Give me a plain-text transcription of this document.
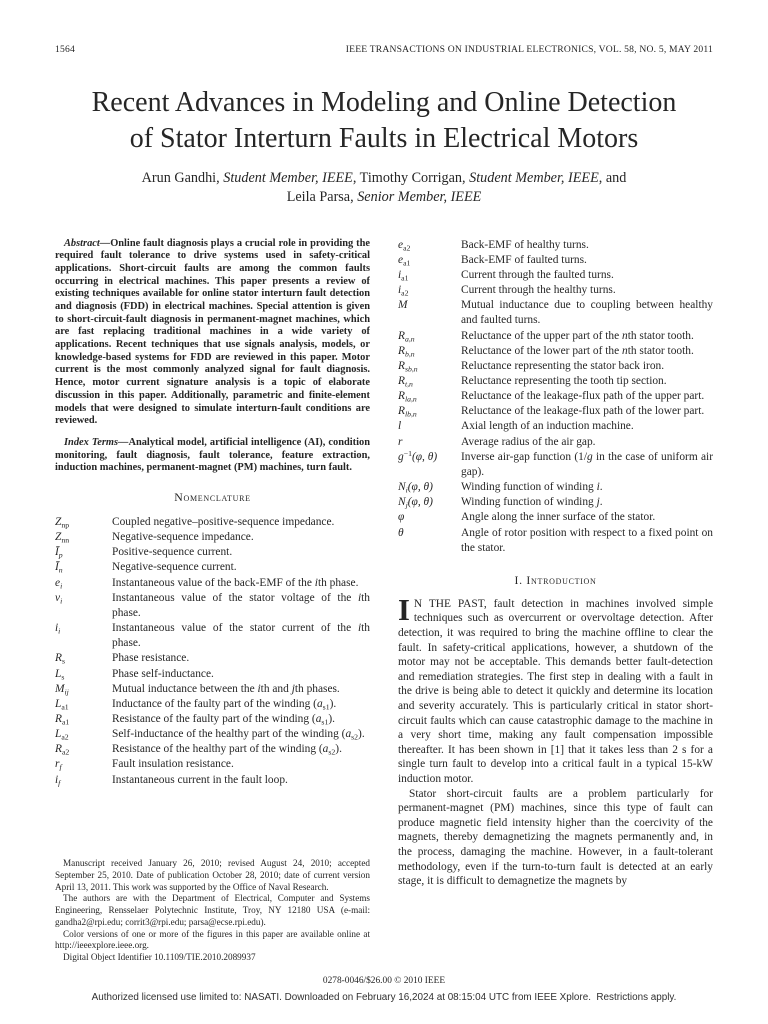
1564	IEEE TRANSACTIONS ON INDUSTRIAL ELECTRONICS, VOL. 58, NO. 5, MAY 2011
Recent Advances in Modeling and Online Detection
of Stator Interturn Faults in Electrical Motors
Arun Gandhi, Student Member, IEEE, Timothy Corrigan, Student Member, IEEE, and
Leila Parsa, Senior Member, IEEE

Abstract—Online fault diagnosis plays a crucial role in providing the required fault tolerance to drive systems used in safety-critical applications. Short-circuit faults are among the common faults occurring in electrical machines. This paper presents a review of existing techniques available for online stator interturn fault detection and diagnosis (FDD) in electrical machines. Special attention is given to short-circuit-fault diagnosis in permanent-magnet machines, which are fast replacing traditional machines in a wide variety of applications. Recent techniques that use signals analysis, models, or knowledge-based systems for FDD are reviewed in this paper. Motor current is the most commonly analyzed signal for fault diagnosis. Hence, motor current signature analysis is a topic of elaborate discussion in this paper. Additionally, parametric and finite-element models that were designed to simulate interturn-fault conditions are reviewed.

Index Terms—Analytical model, artificial intelligence (AI), condition monitoring, fault diagnosis, fault tolerance, feature extraction, induction machines, permanent-magnet (PM) machines, turn fault.

Nomenclature
$Z_{np}$	Coupled negative–positive-sequence impedance.
$Z_{nn}$	Negative-sequence impedance.
$Ī_p$	Positive-sequence current.
$Ī_n$	Negative-sequence current.
$e_i$	Instantaneous value of the back-EMF of the ith phase.
$v_i$	Instantaneous value of the stator voltage of the ith phase.
$i_i$	Instantaneous value of the stator current of the ith phase.
$R_s$	Phase resistance.
$L_s$	Phase self-inductance.
$M_{ij}$	Mutual inductance between the ith and jth phases.
$L_{a1}$	Inductance of the faulty part of the winding $(a_{s1})$.
$R_{a1}$	Resistance of the faulty part of the winding $(a_{s1})$.
$L_{a2}$	Self-inductance of the healthy part of the winding $(a_{s2})$.
$R_{a2}$	Resistance of the healthy part of the winding $(a_{s2})$.
$r_f$	Fault insulation resistance.
$i_f$	Instantaneous current in the fault loop.

Manuscript received January 26, 2010; revised August 24, 2010; accepted September 25, 2010. Date of publication October 28, 2010; date of current version April 13, 2011. This work was supported by the Office of Naval Research.

The authors are with the Department of Electrical, Computer and Systems Engineering, Rensselaer Polytechnic Institute, Troy, NY 12180 USA (e-mail: gandha2@rpi.edu; corrit3@rpi.edu; parsa@ecse.rpi.edu).

Color versions of one or more of the figures in this paper are available online at http://ieeexplore.ieee.org.

Digital Object Identifier 10.1109/TIE.2010.2089937

$e_{a2}$	Back-EMF of healthy turns.
$e_{a1}$	Back-EMF of faulted turns.
$i_{a1}$	Current through the faulted turns.
$i_{a2}$	Current through the healthy turns.
M	Mutual inductance due to coupling between healthy and faulted turns.
$R_{a,n}$	Reluctance of the upper part of the nth stator tooth.
$R_{b,n}$	Reluctance of the lower part of the nth stator tooth.
$R_{sb,n}$	Reluctance representing the stator back iron.
$R_{t,n}$	Reluctance representing the tooth tip section.
$R_{la,n}$	Reluctance of the leakage-flux path of the upper part.
$R_{lb,n}$	Reluctance of the leakage-flux path of the lower part.
l	Axial length of an induction machine.
r	Average radius of the air gap.
$g^{-1}(\varphi$, θ)	Inverse air-gap function (1/g in the case of uniform air gap).
$N_i(\varphi$, θ)	Winding function of winding i.
$N_j(\varphi$, θ)	Winding function of winding j.
φ	Angle along the inner surface of the stator.
θ	Angle of rotor position with respect to a fixed point on the stator.
I. Introduction

I N THE PAST, fault detection in machines involved simple techniques such as overcurrent or overvoltage detection. After detection, it was required to bring the machine offline to clear the fault. In safety-critical applications, however, a shutdown of the motor may not be acceptable. This demands better fault-detection and remediation strategies. The first step in dealing with a fault in the drive is being able to detect it quickly and determine its location and severity accurately. This is particularly critical in stator short-circuit faults which can cause catastrophic damage to the machine in a very short time, making any fault compensation impossible thereafter. It has been shown in [1] that it takes less than 2 s for a single turn fault to develop into a critical fault in a typical 15-kW induction motor.

Stator short-circuit faults are a problem particularly for permanent-magnet (PM) machines, since this type of fault can produce magnetic field intensity higher than the coercivity of the magnets, thereby demagnetizing the magnets permanently and, in the process, damaging the machine. However, in a fault-tolerant methodology, even if the turn-to-turn fault is detected at an early stage, it is difficult to demagnetize the magnets by

0278-0046/$26.00 © 2010 IEEE
Authorized licensed use limited to: NASATI. Downloaded on February 16,2024 at 08:15:04 UTC from IEEE Xplore.  Restrictions apply.
